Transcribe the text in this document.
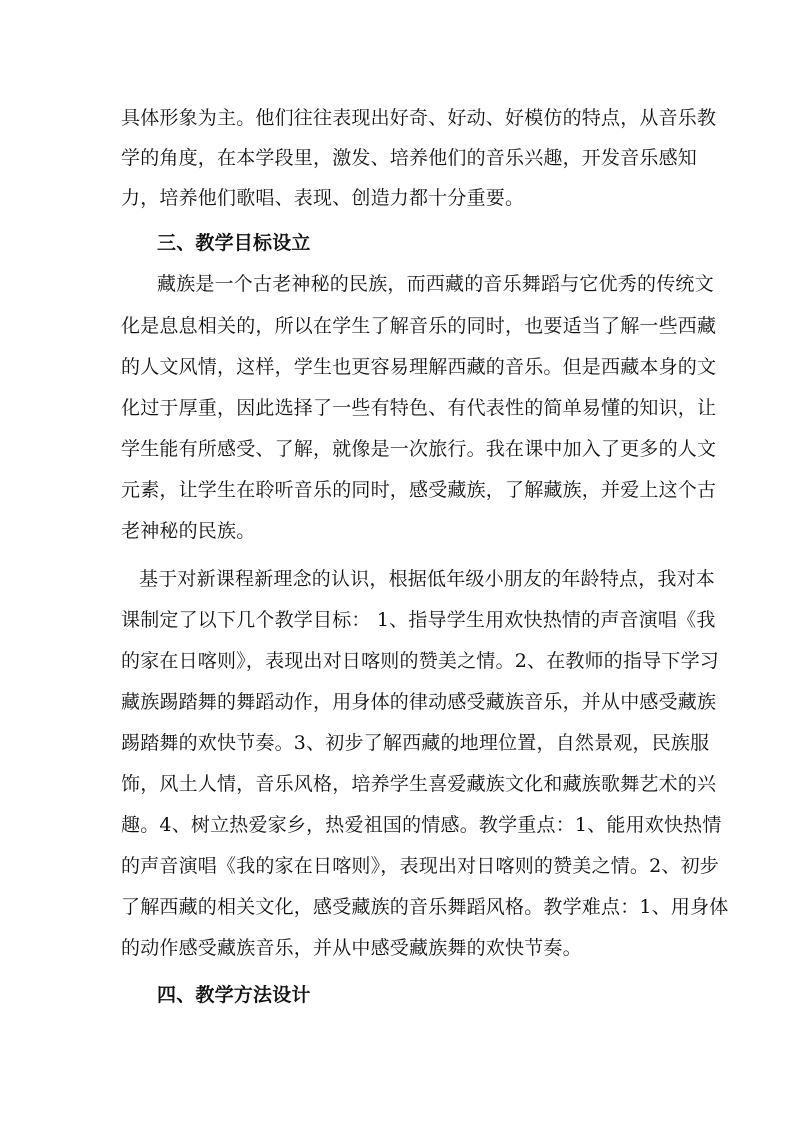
具体形象为主。他们往往表现出好奇、好动、好模仿的特点，从音乐教
学的角度，在本学段里，激发、培养他们的音乐兴趣，开发音乐感知
力，培养他们歌唱、表现、创造力都十分重要。
三、教学目标设立
藏族是一个古老神秘的民族，而西藏的音乐舞蹈与它优秀的传统文
化是息息相关的，所以在学生了解音乐的同时，也要适当了解一些西藏
的人文风情，这样，学生也更容易理解西藏的音乐。但是西藏本身的文
化过于厚重，因此选择了一些有特色、有代表性的简单易懂的知识，让
学生能有所感受、了解，就像是一次旅行。我在课中加入了更多的人文
元素，让学生在聆听音乐的同时，感受藏族，了解藏族，并爱上这个古
老神秘的民族。
基于对新课程新理念的认识，根据低年级小朋友的年龄特点，我对本
课制定了以下几个教学目标： 1、指导学生用欢快热情的声音演唱《我
的家在日喀则》，表现出对日喀则的赞美之情。2、在教师的指导下学习
藏族踢踏舞的舞蹈动作，用身体的律动感受藏族音乐，并从中感受藏族
踢踏舞的欢快节奏。3、初步了解西藏的地理位置，自然景观，民族服
饰，风土人情，音乐风格，培养学生喜爱藏族文化和藏族歌舞艺术的兴
趣。4、树立热爱家乡，热爱祖国的情感。教学重点：1、能用欢快热情
的声音演唱《我的家在日喀则》，表现出对日喀则的赞美之情。2、初步
了解西藏的相关文化，感受藏族的音乐舞蹈风格。教学难点：1、用身体
的动作感受藏族音乐，并从中感受藏族舞的欢快节奏。
四、教学方法设计
